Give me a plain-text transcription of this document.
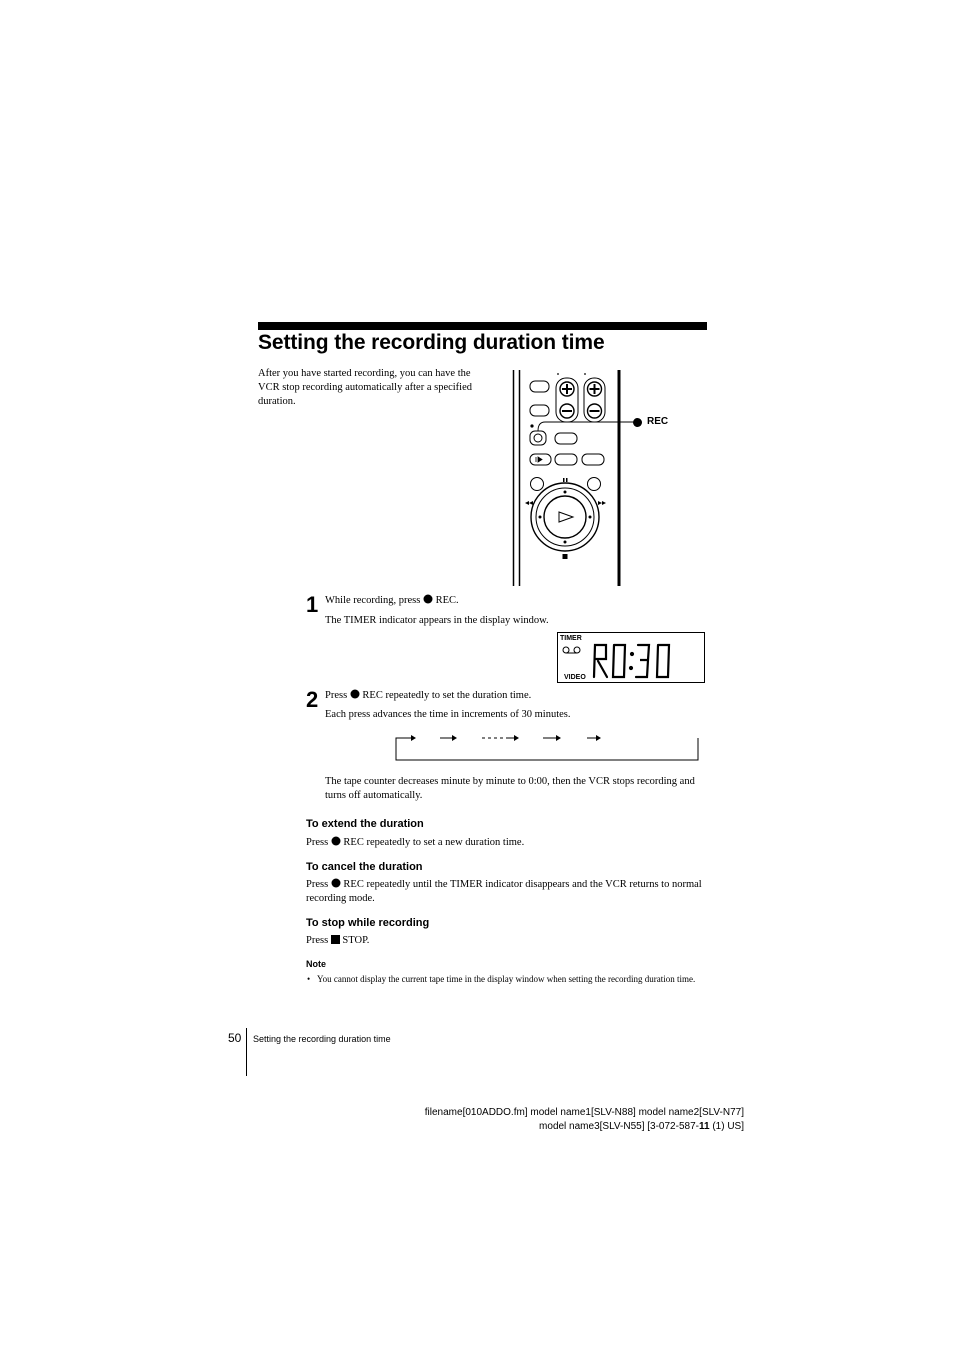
Setting the recording duration time
After you have started recording, you can have the VCR stop recording automatically after a specified duration.
REC
1 While recording, press REC.
The TIMER indicator appears in the display window.
TIMER
VIDEO
2 Press REC repeatedly to set the duration time.
Each press advances the time in increments of 30 minutes.
The tape counter decreases minute by minute to 0:00, then the VCR stops recording and turns off automatically.
To extend the duration
Press REC repeatedly to set a new duration time.
To cancel the duration
Press REC repeatedly until the TIMER indicator disappears and the VCR returns to normal recording mode.
To stop while recording
Press STOP.
Note
• You cannot display the current tape time in the display window when setting the recording duration time.
50 Setting the recording duration time
filename[010ADDO.fm] model name1[SLV-N88] model name2[SLV-N77]
model name3[SLV-N55] [3-072-587-11 (1) US]
